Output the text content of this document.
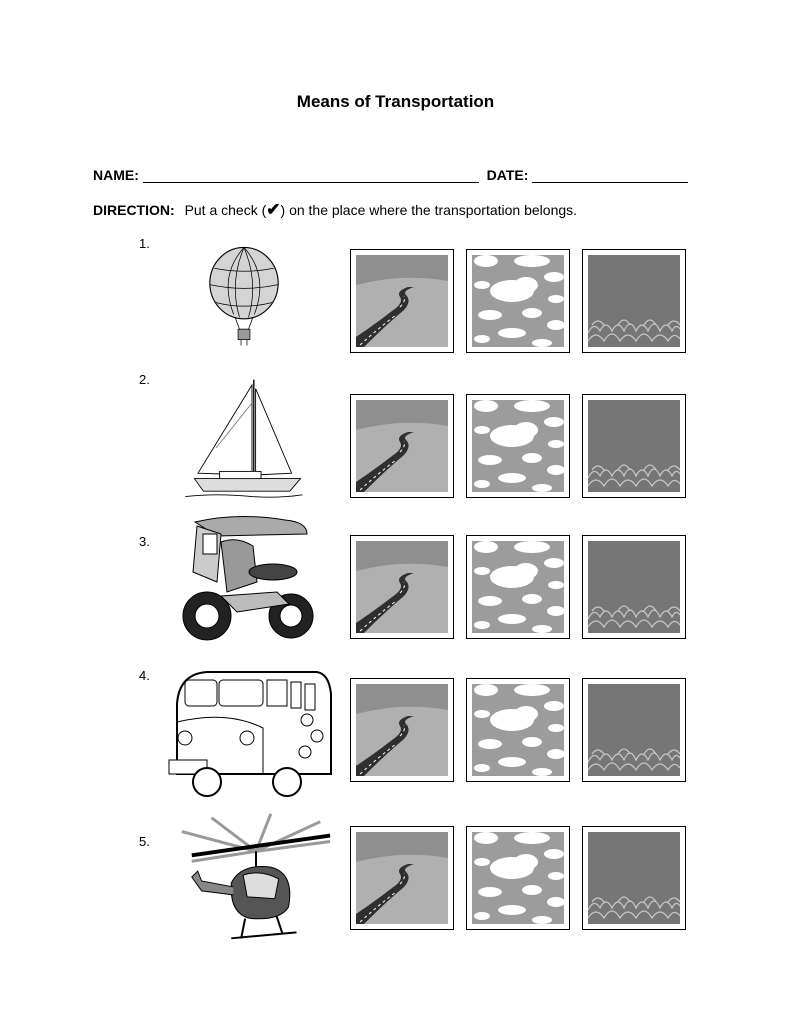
Means of Transportation
NAME:	DATE:
DIRECTION: Put a check (✔) on the place where the transportation belongs.
1.
2.
3.
4.
5.
